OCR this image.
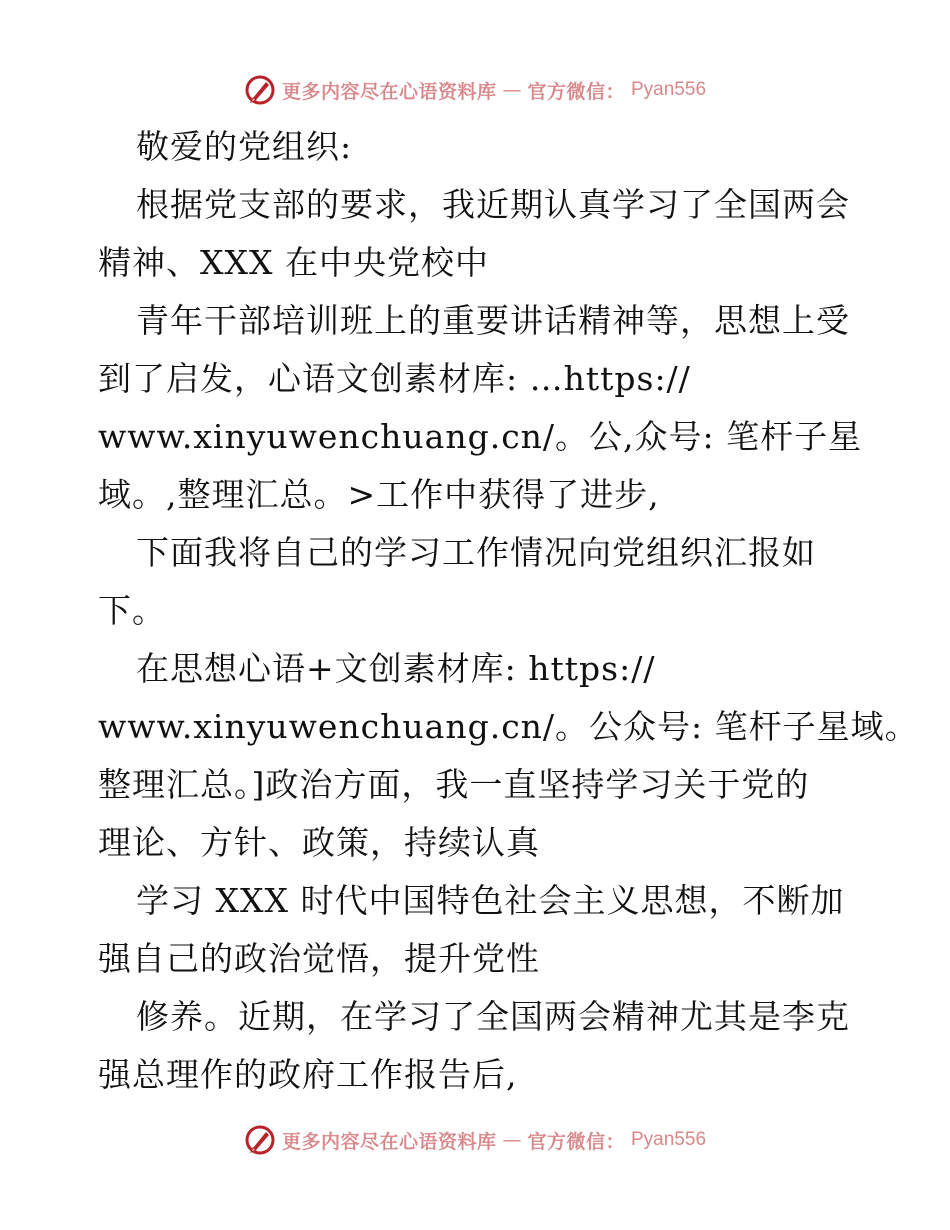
更多内容尽在心语资料库 — 官方微信： Pyan556
敬爱的党组织:
根据党支部的要求，我近期认真学习了全国两会
精神、XXX 在中央党校中
青年干部培训班上的重要讲话精神等，思想上受
到了启发，心语文创素材库: …https://
www.xinyuwenchuang.cn/。公,众号: 笔杆子星
域。,整理汇总。>工作中获得了进步,
下面我将自己的学习工作情况向党组织汇报如
下。
在思想心语+文创素材库: https://
www.xinyuwenchuang.cn/。公众号: 笔杆子星域。
整理汇总。]政治方面，我一直坚持学习关于党的
理论、方针、政策，持续认真
学习 XXX 时代中国特色社会主义思想，不断加
强自己的政治觉悟，提升党性
修养。近期，在学习了全国两会精神尤其是李克
强总理作的政府工作报告后,
更多内容尽在心语资料库 — 官方微信： Pyan556
